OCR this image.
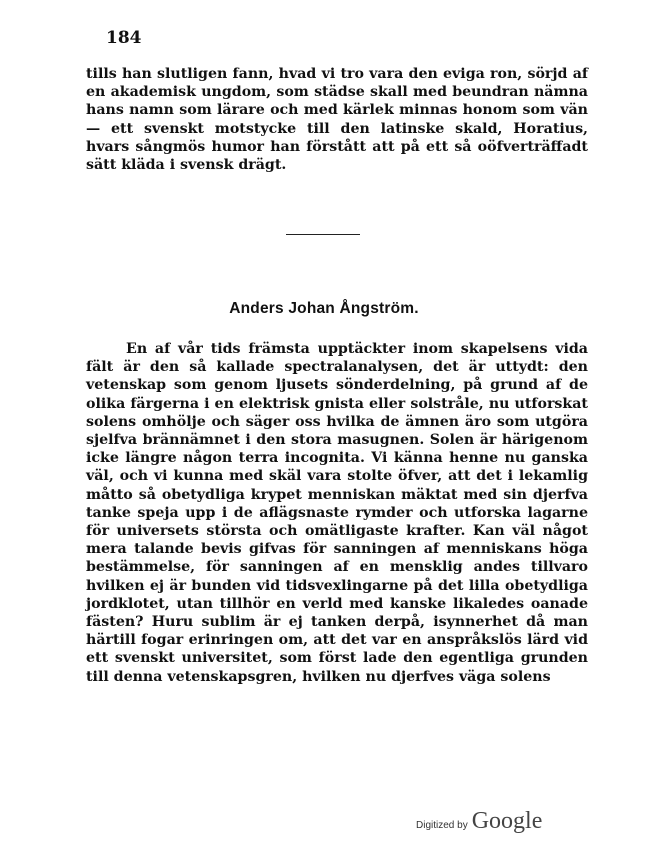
184

tills han slutligen fann, hvad vi tro vara den eviga ron, sörjd af en akademisk ungdom, som städse skall med beundran nämna hans namn som lärare och med kärlek minnas honom som vän — ett svenskt motstycke till den latinske skald, Horatius, hvars sångmös humor han förstått att på ett så oöfverträffadt sätt kläda i svensk drägt.

Anders Johan Ångström.

En af vår tids främsta upptäckter inom skapelsens vida fält är den så kallade spectralanalysen, det är uttydt: den vetenskap som genom ljusets sönderdelning, på grund af de olika färgerna i en elektrisk gnista eller solstråle, nu utforskat solens omhölje och säger oss hvilka de ämnen äro som utgöra sjelfva brännämnet i den stora masugnen. Solen är härigenom icke längre någon terra incognita. Vi känna henne nu ganska väl, och vi kunna med skäl vara stolte öfver, att det i lekamlig måtto så obetydliga krypet menniskan mäktat med sin djerfva tanke speja upp i de aflägsnaste rymder och utforska lagarne för universets största och omätligaste krafter. Kan väl något mera talande bevis gifvas för sanningen af menniskans höga bestämmelse, för sanningen af en mensklig andes tillvaro hvilken ej är bunden vid tidsvexlingarne på det lilla obetydliga jordklotet, utan tillhör en verld med kanske likaledes oanade fästen? Huru sublim är ej tanken derpå, isynnerhet då man härtill fogar erinringen om, att det var en anspråkslös lärd vid ett svenskt universitet, som först lade den egentliga grunden till denna vetenskapsgren, hvilken nu djerfves väga solens

Digitized by Google
